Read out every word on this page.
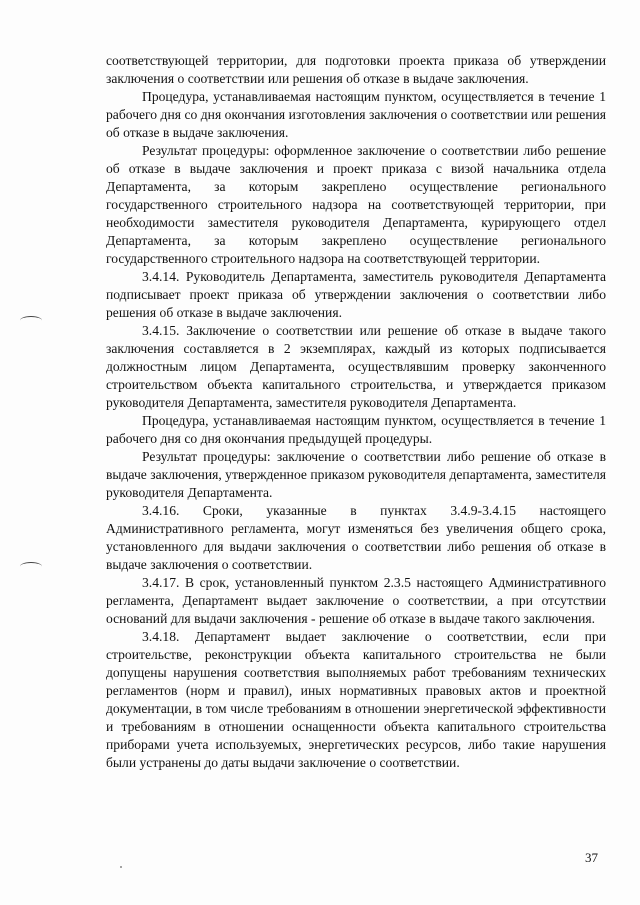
соответствующей территории, для подготовки проекта приказа об утверждении заключения о соответствии или решения об отказе в выдаче заключения.

Процедура, устанавливаемая настоящим пунктом, осуществляется в течение 1 рабочего дня со дня окончания изготовления заключения о соответствии или решения об отказе в выдаче заключения.

Результат процедуры: оформленное заключение о соответствии либо решение об отказе в выдаче заключения и проект приказа с визой начальника отдела Департамента, за которым закреплено осуществление регионального государственного строительного надзора на соответствующей территории, при необходимости заместителя руководителя Департамента, курирующего отдел Департамента, за которым закреплено осуществление регионального государственного строительного надзора на соответствующей территории.

3.4.14. Руководитель Департамента, заместитель руководителя Департамента подписывает проект приказа об утверждении заключения о соответствии либо решения об отказе в выдаче заключения.

3.4.15. Заключение о соответствии или решение об отказе в выдаче такого заключения составляется в 2 экземплярах, каждый из которых подписывается должностным лицом Департамента, осуществлявшим проверку законченного строительством объекта капитального строительства, и утверждается приказом руководителя Департамента, заместителя руководителя Департамента.

Процедура, устанавливаемая настоящим пунктом, осуществляется в течение 1 рабочего дня со дня окончания предыдущей процедуры.

Результат процедуры: заключение о соответствии либо решение об отказе в выдаче заключения, утвержденное приказом руководителя департамента, заместителя руководителя Департамента.

3.4.16. Сроки, указанные в пунктах 3.4.9-3.4.15 настоящего Административного регламента, могут изменяться без увеличения общего срока, установленного для выдачи заключения о соответствии либо решения об отказе в выдаче заключения о соответствии.

3.4.17. В срок, установленный пунктом 2.3.5 настоящего Административного регламента, Департамент выдает заключение о соответствии, а при отсутствии оснований для выдачи заключения - решение об отказе в выдаче такого заключения.

3.4.18. Департамент выдает заключение о соответствии, если при строительстве, реконструкции объекта капитального строительства не были допущены нарушения соответствия выполняемых работ требованиям технических регламентов (норм и правил), иных нормативных правовых актов и проектной документации, в том числе требованиям в отношении энергетической эффективности и требованиям в отношении оснащенности объекта капитального строительства приборами учета используемых, энергетических ресурсов, либо такие нарушения были устранены до даты выдачи заключение о соответствии.

37
